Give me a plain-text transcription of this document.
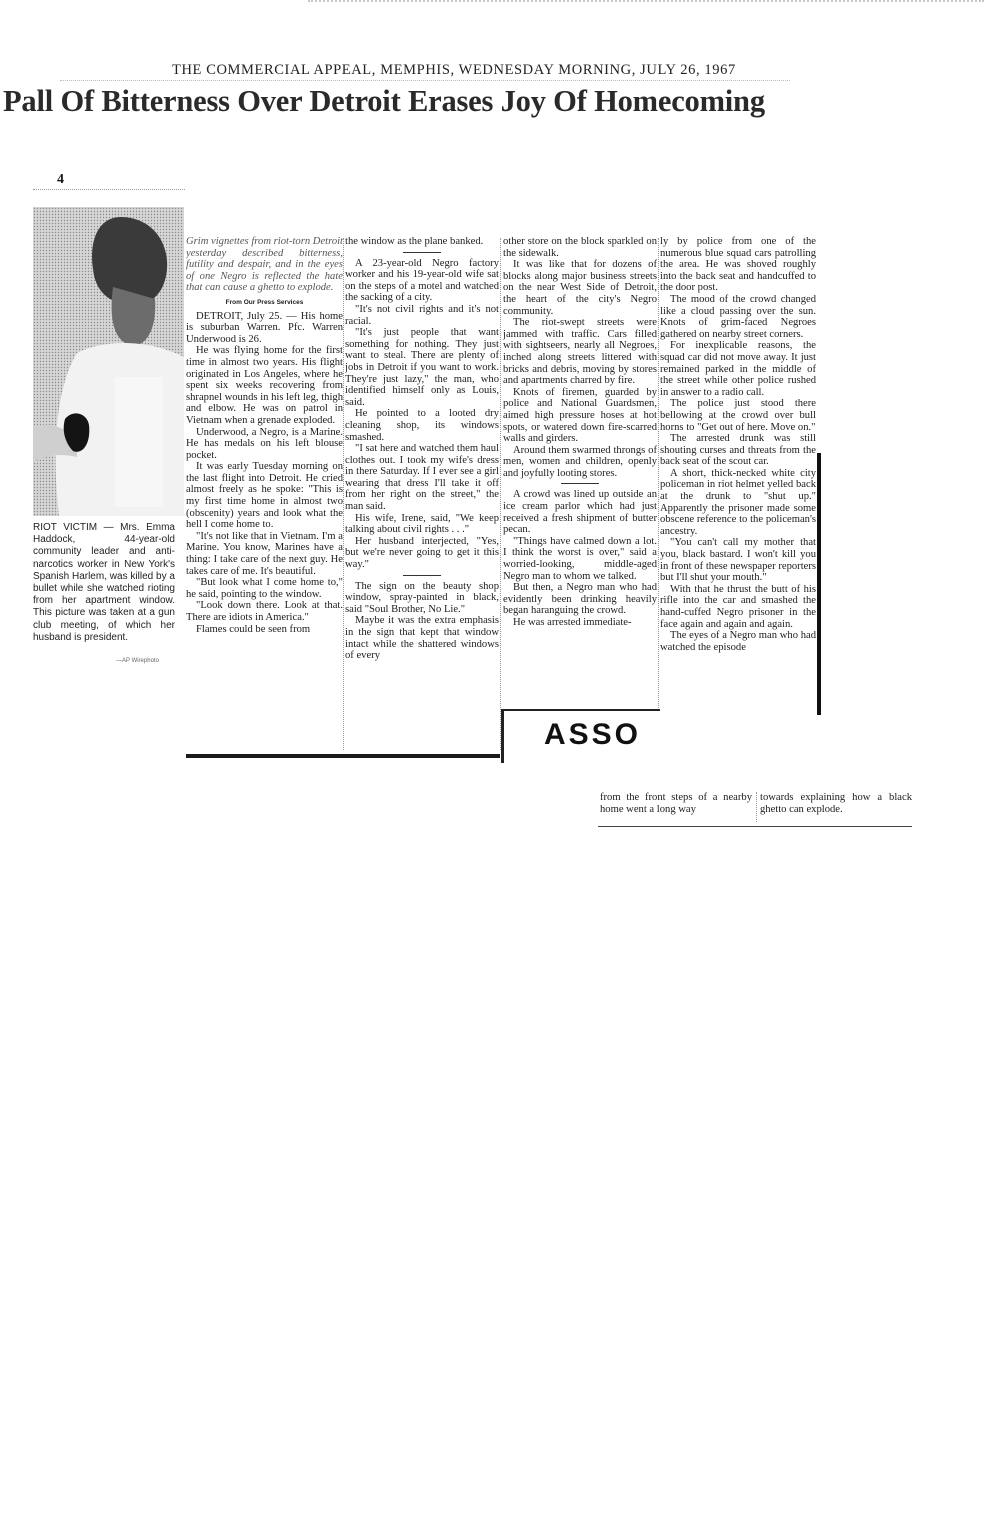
THE COMMERCIAL APPEAL, MEMPHIS, WEDNESDAY MORNING, JULY 26, 1967
Pall Of Bitterness Over Detroit Erases Joy Of Homecoming
4
RIOT VICTIM — Mrs. Emma Haddock, 44-year-old community leader and anti-narcotics worker in New York's Spanish Harlem, was killed by a bullet while she watched rioting from her apartment window. This picture was taken at a gun club meeting, of which her husband is president.
—AP Wirephoto

Grim vignettes from riot-torn Detroit yesterday described bitterness, futility and despair, and in the eyes of one Negro is reflected the hate that can cause a ghetto to explode.

From Our Press Services

DETROIT, July 25. — His home is suburban Warren. Pfc. Warren Underwood is 26.

He was flying home for the first time in almost two years. His flight originated in Los Angeles, where he spent six weeks recovering from shrapnel wounds in his left leg, thigh and elbow. He was on patrol in Vietnam when a grenade exploded.

Underwood, a Negro, is a Marine. He has medals on his left blouse pocket.

It was early Tuesday morning on the last flight into Detroit. He cried almost freely as he spoke: "This is my first time home in almost two (obscenity) years and look what the hell I come home to.

"It's not like that in Vietnam. I'm a Marine. You know, Marines have a thing: I take care of the next guy. He takes care of me. It's beautiful.

"But look what I come home to," he said, pointing to the window.

"Look down there. Look at that. There are idiots in America."

Flames could be seen from

the window as the plane banked.

A 23-year-old Negro factory worker and his 19-year-old wife sat on the steps of a motel and watched the sacking of a city.

"It's not civil rights and it's not racial.

"It's just people that want something for nothing. They just want to steal. There are plenty of jobs in Detroit if you want to work. They're just lazy," the man, who identified himself only as Louis, said.

He pointed to a looted dry cleaning shop, its windows smashed.

"I sat here and watched them haul clothes out. I took my wife's dress in there Saturday. If I ever see a girl wearing that dress I'll take it off from her right on the street," the man said.

His wife, Irene, said, "We keep talking about civil rights . . ."

Her husband interjected, "Yes, but we're never going to get it this way."

The sign on the beauty shop window, spray-painted in black, said "Soul Brother, No Lie."

Maybe it was the extra emphasis in the sign that kept that window intact while the shattered windows of every

other store on the block sparkled on the sidewalk.

It was like that for dozens of blocks along major business streets on the near West Side of Detroit, the heart of the city's Negro community.

The riot-swept streets were jammed with traffic. Cars filled with sightseers, nearly all Negroes, inched along streets littered with bricks and debris, moving by stores and apartments charred by fire.

Knots of firemen, guarded by police and National Guardsmen, aimed high pressure hoses at hot spots, or watered down fire-scarred walls and girders.

Around them swarmed throngs of men, women and children, openly and joyfully looting stores.

A crowd was lined up outside an ice cream parlor which had just received a fresh shipment of butter pecan.

"Things have calmed down a lot. I think the worst is over," said a worried-looking, middle-aged Negro man to whom we talked.

But then, a Negro man who had evidently been drinking heavily began haranguing the crowd.

He was arrested immediate-

ly by police from one of the numerous blue squad cars patrolling the area. He was shoved roughly into the back seat and handcuffed to the door post.

The mood of the crowd changed like a cloud passing over the sun. Knots of grim-faced Negroes gathered on nearby street corners.

For inexplicable reasons, the squad car did not move away. It just remained parked in the middle of the street while other police rushed in answer to a radio call.

The police just stood there bellowing at the crowd over bull horns to "Get out of here. Move on."

The arrested drunk was still shouting curses and threats from the back seat of the scout car.

A short, thick-necked white city policeman in riot helmet yelled back at the drunk to "shut up." Apparently the prisoner made some obscene reference to the policeman's ancestry.

"You can't call my mother that you, black bastard. I won't kill you in front of these newspaper reporters but I'll shut your mouth."

With that he thrust the butt of his rifle into the car and smashed the hand-cuffed Negro prisoner in the face again and again and again.

The eyes of a Negro man who had watched the episode

ASSO

from the front steps of a nearby home went a long way

towards explaining how a black ghetto can explode.
